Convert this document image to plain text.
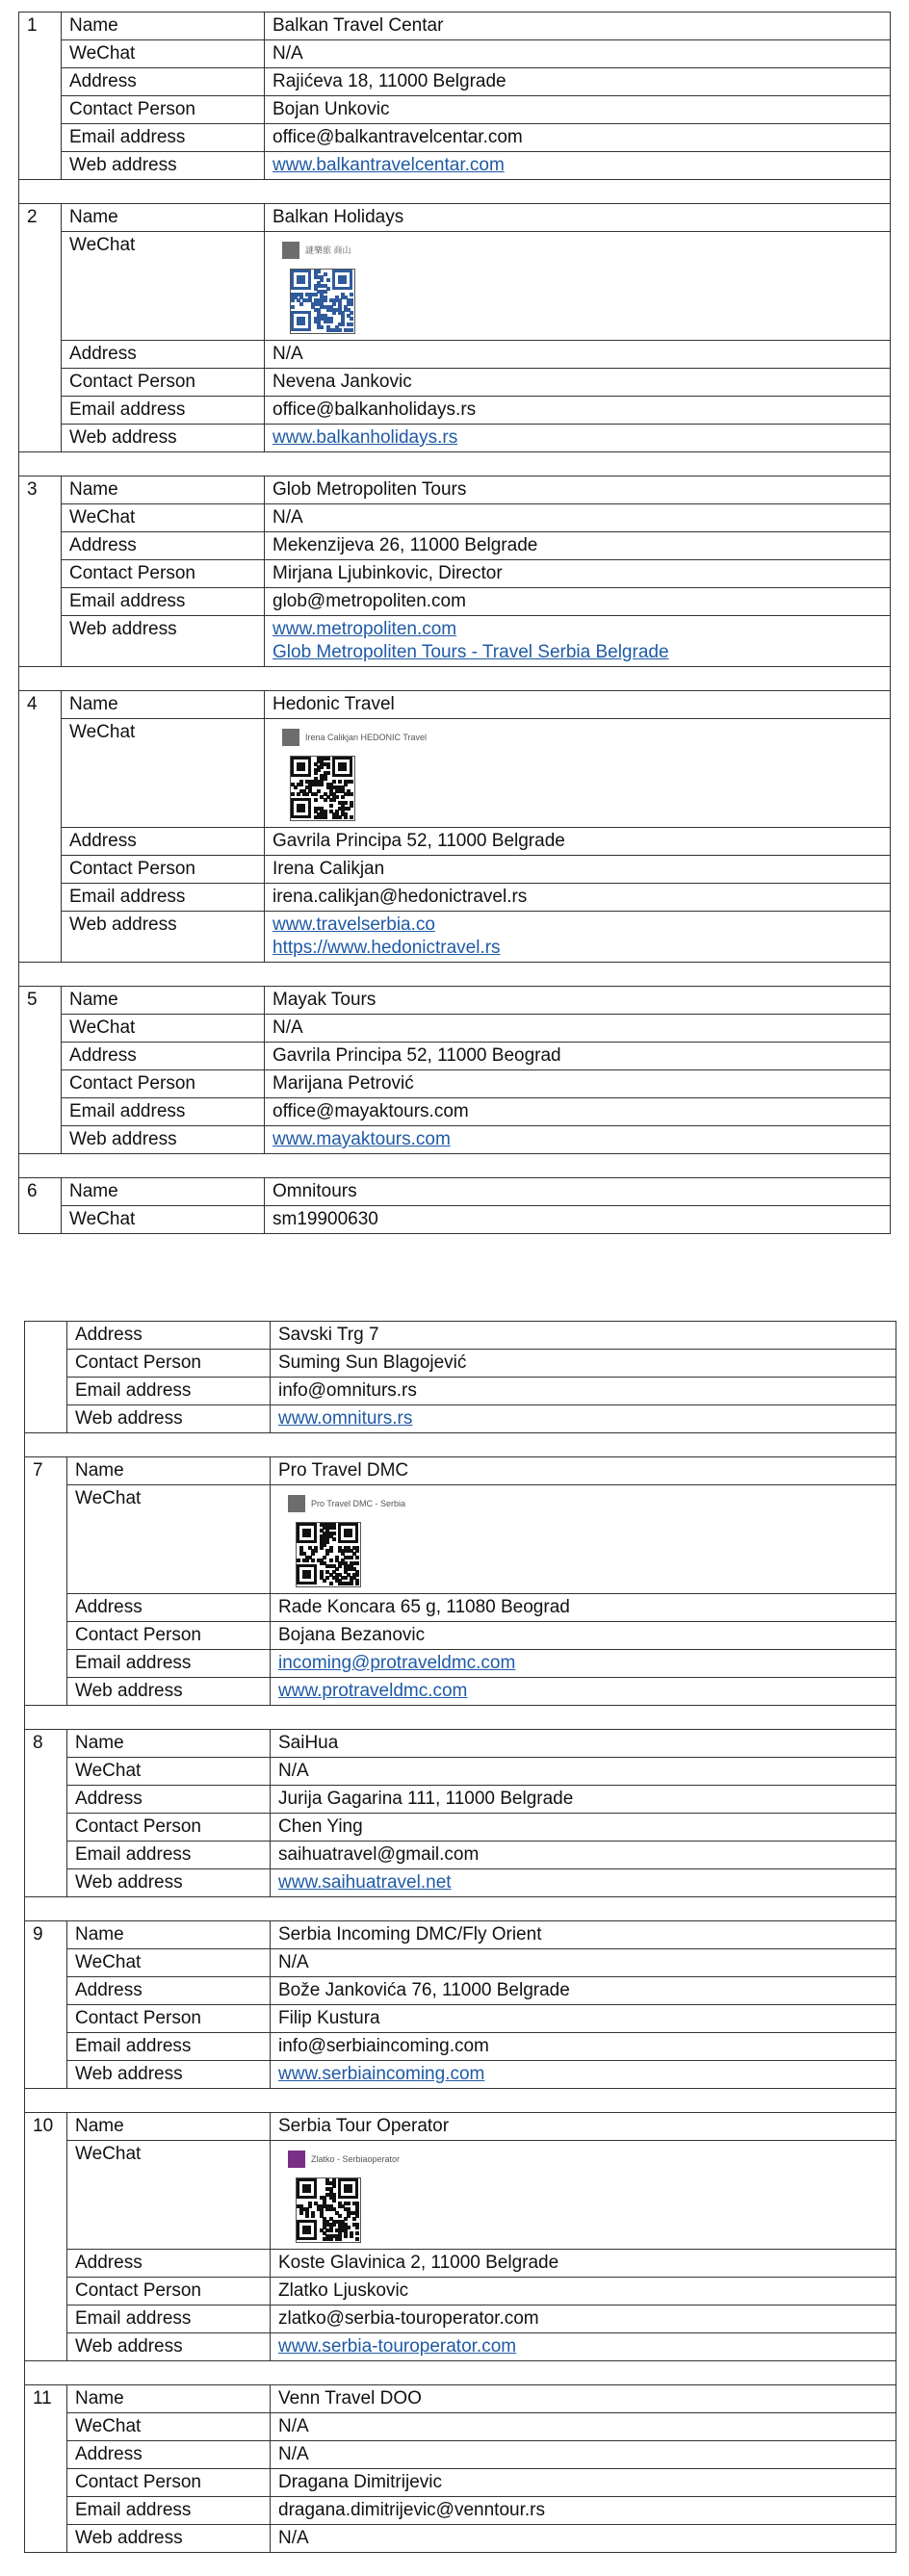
1	Name	Balkan Travel Centar
	WeChat	N/A
	Address	Rajićeva 18, 11000 Belgrade
	Contact Person	Bojan Unkovic
	Email address	office@balkantravelcentar.com
	Web address	www.balkantravelcentar.com

2	Name	Balkan Holidays
	WeChat	謎樂旅 商山

	Address	N/A
	Contact Person	Nevena Jankovic
	Email address	office@balkanholidays.rs
	Web address	www.balkanholidays.rs

3	Name	Glob Metropoliten Tours
	WeChat	N/A
	Address	Mekenzijeva 26, 11000 Belgrade
	Contact Person	Mirjana Ljubinkovic, Director
	Email address	glob@metropoliten.com
	Web address	www.metropoliten.com
Glob Metropoliten Tours - Travel Serbia Belgrade

4	Name	Hedonic Travel
	WeChat	Irena Calikjan HEDONIC Travel

	Address	Gavrila Principa 52, 11000 Belgrade
	Contact Person	Irena Calikjan
	Email address	irena.calikjan@hedonictravel.rs
	Web address	www.travelserbia.co
https://www.hedonictravel.rs

5	Name	Mayak Tours
	WeChat	N/A
	Address	Gavrila Principa 52, 11000 Beograd
	Contact Person	Marijana Petrović
	Email address	office@mayaktours.com
	Web address	www.mayaktours.com

6	Name	Omnitours
	WeChat	sm19900630
	Address	Savski Trg 7
	Contact Person	Suming Sun Blagojević
	Email address	info@omniturs.rs
	Web address	www.omniturs.rs

7	Name	Pro Travel DMC
	WeChat	Pro Travel DMC - Serbia

	Address	Rade Koncara 65 g, 11080 Beograd
	Contact Person	Bojana Bezanovic
	Email address	incoming@protraveldmc.com

	Web address	www.protraveldmc.com

8	Name	SaiHua
	WeChat	N/A
	Address	Jurija Gagarina 111, 11000 Belgrade
	Contact Person	Chen Ying
	Email address	saihuatravel@gmail.com
	Web address	www.saihuatravel.net

9	Name	Serbia Incoming DMC/Fly Orient
	WeChat	N/A
	Address	Bože Jankovića 76, 11000 Belgrade
	Contact Person	Filip Kustura
	Email address	info@serbiaincoming.com
	Web address	www.serbiaincoming.com

10	Name	Serbia Tour Operator
	WeChat	Zlatko - Serbiaoperator

	Address	Koste Glavinica 2, 11000 Belgrade
	Contact Person	Zlatko Ljuskovic
	Email address	zlatko@serbia-touroperator.com
	Web address	www.serbia-touroperator.com

11	Name	Venn Travel DOO
	WeChat	N/A
	Address	N/A
	Contact Person	Dragana Dimitrijevic
	Email address	dragana.dimitrijevic@venntour.rs
	Web address	N/A
